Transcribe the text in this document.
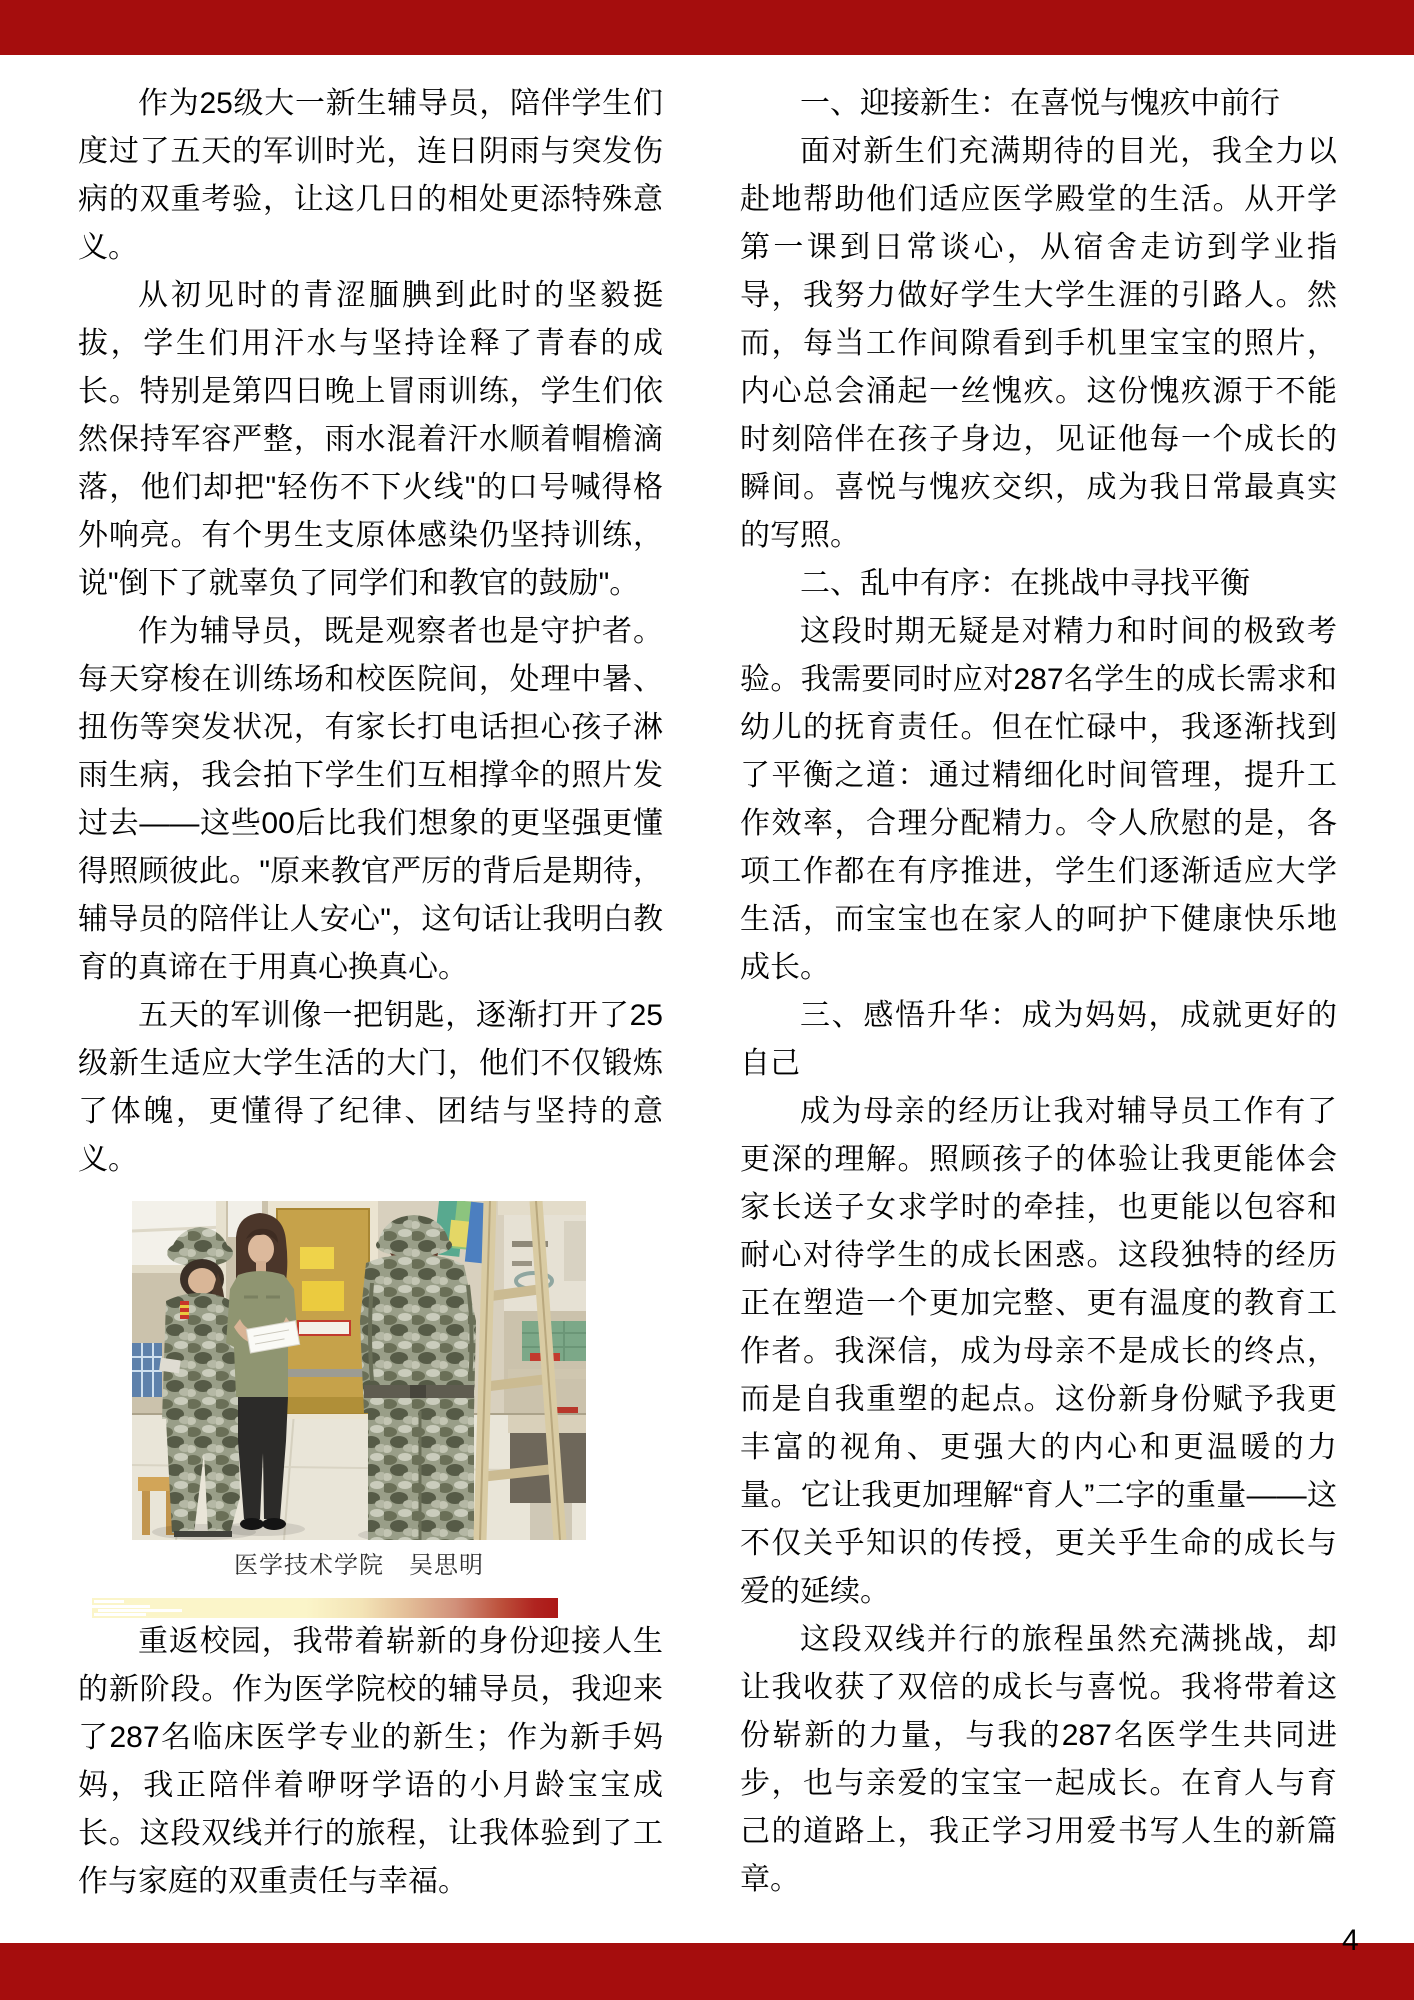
4

作为25级大一新生辅导员，陪伴学生们度过了五天的军训时光，连日阴雨与突发伤病的双重考验，让这几日的相处更添特殊意义。

从初见时的青涩腼腆到此时的坚毅挺拔，学生们用汗水与坚持诠释了青春的成长。特别是第四日晚上冒雨训练，学生们依然保持军容严整，雨水混着汗水顺着帽檐滴落，他们却把"轻伤不下火线"的口号喊得格外响亮。有个男生支原体感染仍坚持训练，说"倒下了就辜负了同学们和教官的鼓励"。

作为辅导员，既是观察者也是守护者。每天穿梭在训练场和校医院间，处理中暑、扭伤等突发状况，有家长打电话担心孩子淋雨生病，我会拍下学生们互相撑伞的照片发过去——这些00后比我们想象的更坚强更懂得照顾彼此。"原来教官严厉的背后是期待，辅导员的陪伴让人安心"，这句话让我明白教育的真谛在于用真心换真心。

五天的军训像一把钥匙，逐渐打开了25级新生适应大学生活的大门，他们不仅锻炼了体魄，更懂得了纪律、团结与坚持的意义。

医学技术学院　吴思明

重返校园，我带着崭新的身份迎接人生的新阶段。作为医学院校的辅导员，我迎来了287名临床医学专业的新生；作为新手妈妈，我正陪伴着咿呀学语的小月龄宝宝成长。这段双线并行的旅程，让我体验到了工作与家庭的双重责任与幸福。

一、迎接新生：在喜悦与愧疚中前行

面对新生们充满期待的目光，我全力以赴地帮助他们适应医学殿堂的生活。从开学第一课到日常谈心，从宿舍走访到学业指导，我努力做好学生大学生涯的引路人。然而，每当工作间隙看到手机里宝宝的照片，内心总会涌起一丝愧疚。这份愧疚源于不能时刻陪伴在孩子身边，见证他每一个成长的瞬间。喜悦与愧疚交织，成为我日常最真实的写照。

二、乱中有序：在挑战中寻找平衡

这段时期无疑是对精力和时间的极致考验。我需要同时应对287名学生的成长需求和幼儿的抚育责任。但在忙碌中，我逐渐找到了平衡之道：通过精细化时间管理，提升工作效率，合理分配精力。令人欣慰的是，各项工作都在有序推进，学生们逐渐适应大学生活，而宝宝也在家人的呵护下健康快乐地成长。

三、感悟升华：成为妈妈，成就更好的自己

成为母亲的经历让我对辅导员工作有了更深的理解。照顾孩子的体验让我更能体会家长送子女求学时的牵挂，也更能以包容和耐心对待学生的成长困惑。这段独特的经历正在塑造一个更加完整、更有温度的教育工作者。我深信，成为母亲不是成长的终点，而是自我重塑的起点。这份新身份赋予我更丰富的视角、更强大的内心和更温暖的力量。它让我更加理解“育人”二字的重量——这不仅关乎知识的传授，更关乎生命的成长与爱的延续。

这段双线并行的旅程虽然充满挑战，却让我收获了双倍的成长与喜悦。我将带着这份崭新的力量，与我的287名医学生共同进步，也与亲爱的宝宝一起成长。在育人与育己的道路上，我正学习用爱书写人生的新篇章。
